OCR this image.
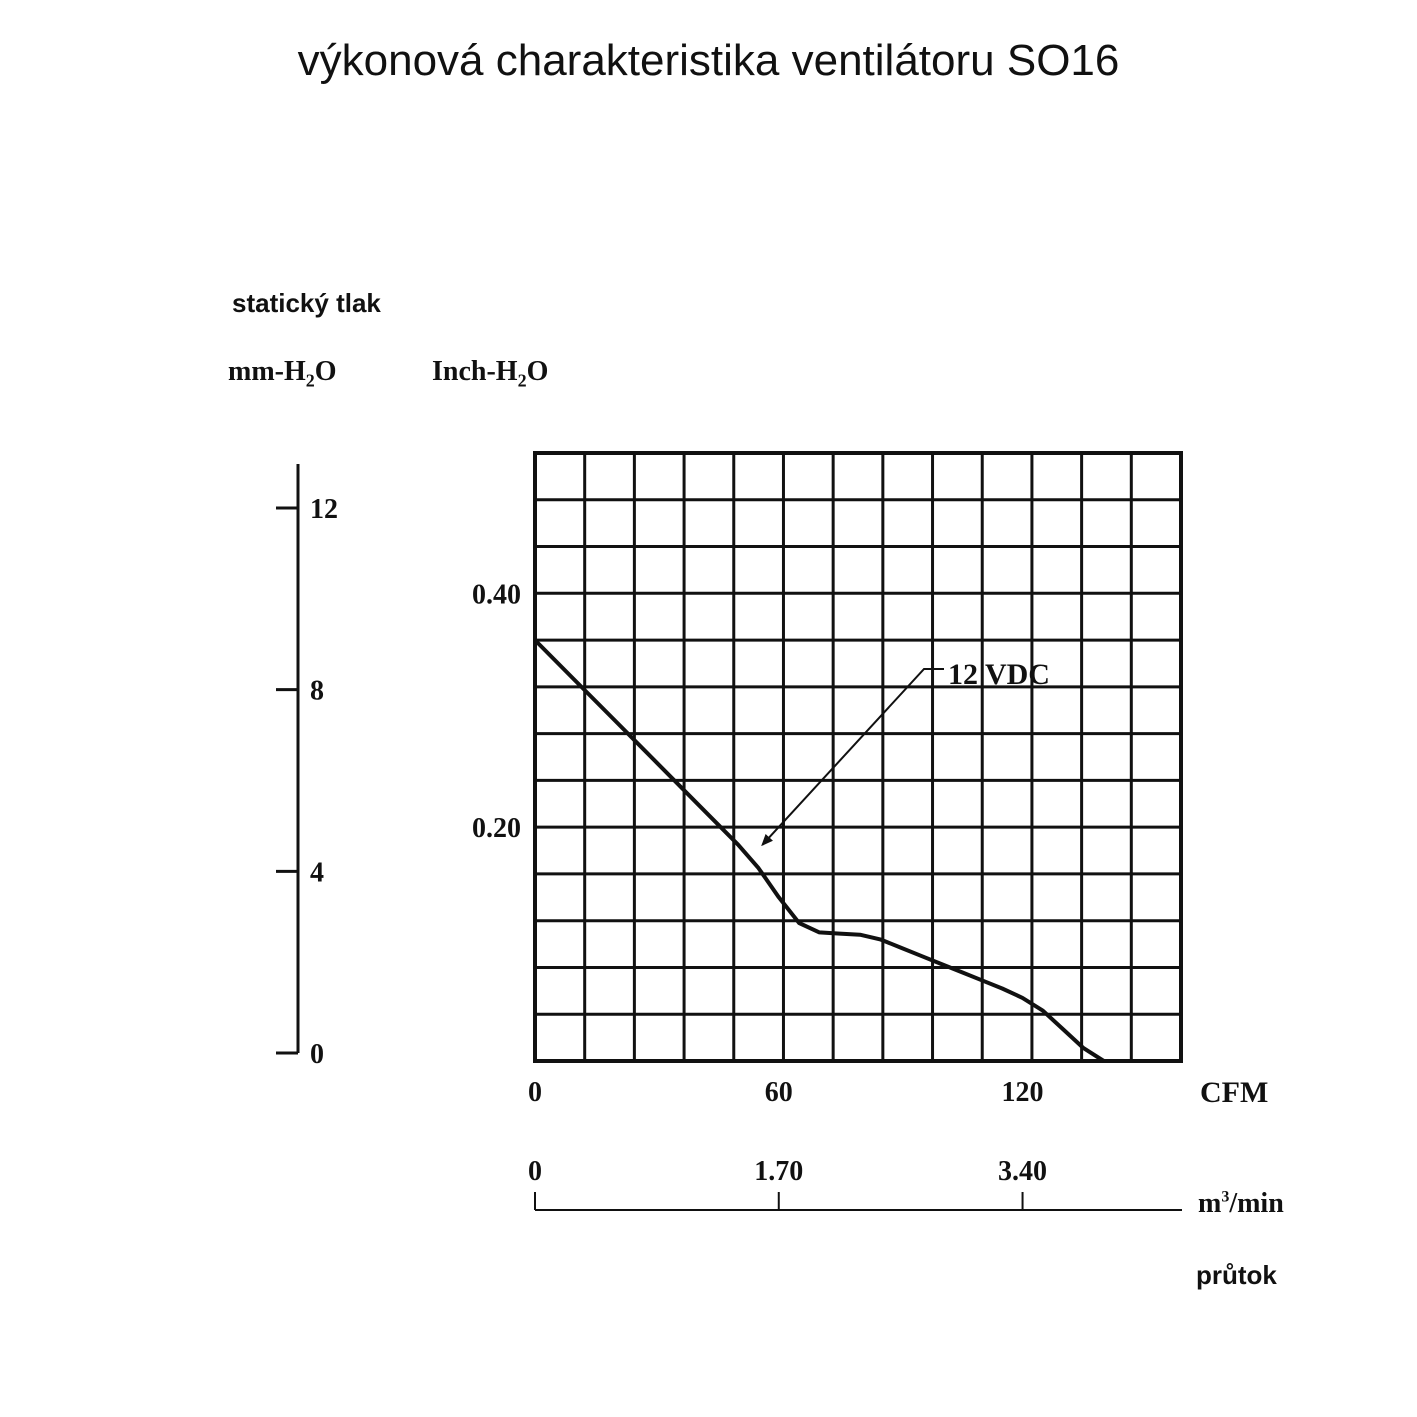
výkonová charakteristika ventilátoru SO16
statický tlak
$mm-H_2O$	Inch-$H_2O$
CFM
$m^3/\min$
průtok
12
8
4
0
0.40
0.20
0	60	120
0	1.70	3.40
12 VDC
